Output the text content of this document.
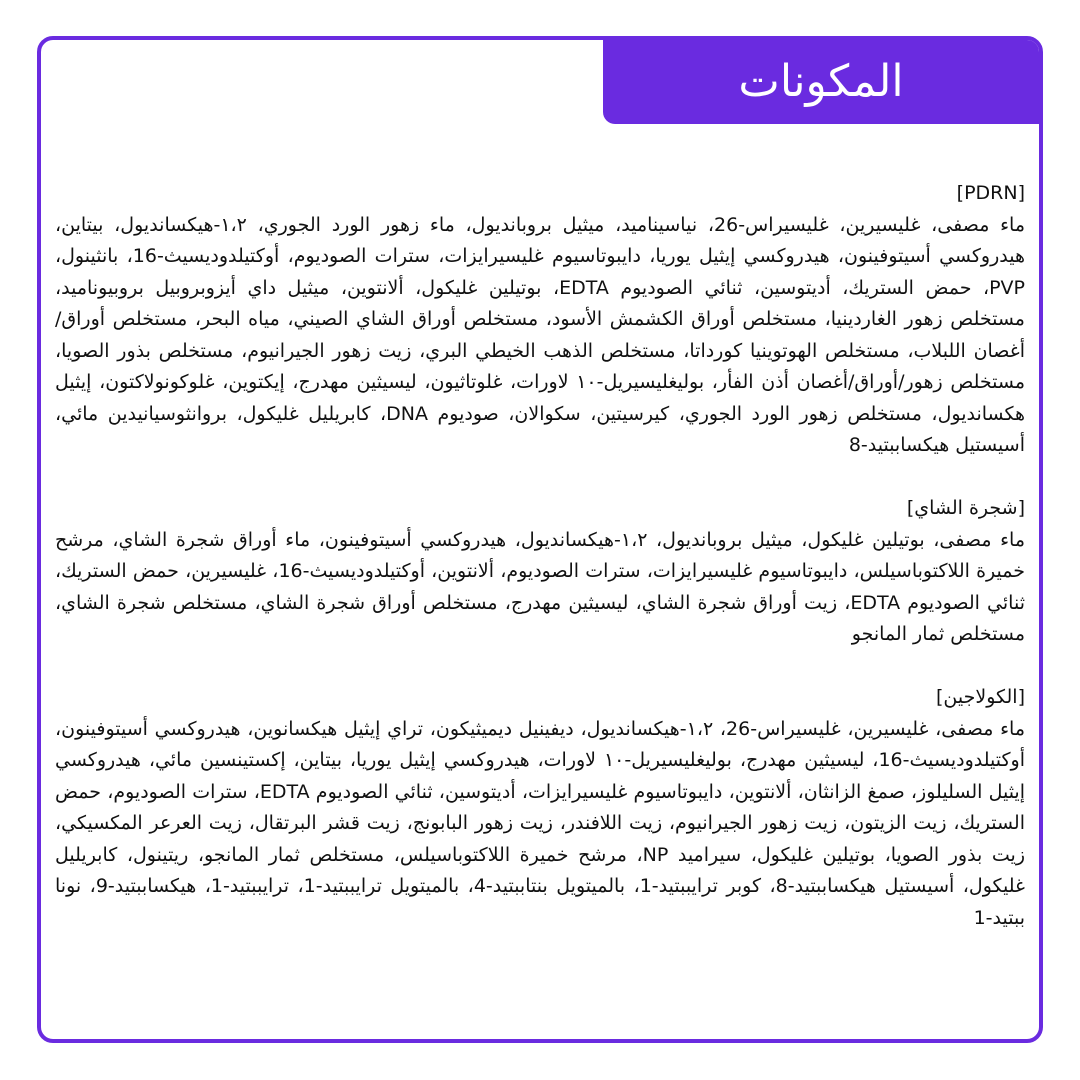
المكونات
[PDRN]
ماء مصفى، غليسيرين، غليسيراس-26، نياسيناميد، ميثيل بروبانديول، ماء زهور الورد الجوري، ١،٢-هيكسانديول، بيتاين، هيدروكسي أسيتوفينون، هيدروكسي إيثيل يوريا، دايبوتاسيوم غليسيرايزات، سترات الصوديوم، أوكتيلدوديسيث-16، بانثينول، PVP، حمض الستريك، أديتوسين، ثنائي الصوديوم EDTA، بوتيلين غليكول، ألانتوين، ميثيل داي أيزوبروبيل بروبيوناميد، مستخلص زهور الغاردينيا، مستخلص أوراق الكشمش الأسود، مستخلص أوراق الشاي الصيني، مياه البحر، مستخلص أوراق/أغصان اللبلاب، مستخلص الهوتوينيا كورداتا، مستخلص الذهب الخيطي البري، زيت زهور الجيرانيوم، مستخلص بذور الصويا، مستخلص زهور/أوراق/أغصان أذن الفأر، بوليغليسيريل-١٠ لاورات، غلوتاثيون، ليسيثين مهدرج، إيكتوين، غلوكونولاكتون، إيثيل هكسانديول، مستخلص زهور الورد الجوري، كيرسيتين، سكوالان، صوديوم DNA، كابريليل غليكول، بروانثوسيانيدين مائي، أسيستيل هيكساببتيد-8
[شجرة الشاي]
ماء مصفى، بوتيلين غليكول، ميثيل بروبانديول، ١،٢-هيكسانديول، هيدروكسي أسيتوفينون، ماء أوراق شجرة الشاي، مرشح خميرة اللاكتوباسيلس، دايبوتاسيوم غليسيرايزات، سترات الصوديوم، ألانتوين، أوكتيلدوديسيث-16، غليسيرين، حمض الستريك، ثنائي الصوديوم EDTA، زيت أوراق شجرة الشاي، ليسيثين مهدرج، مستخلص أوراق شجرة الشاي، مستخلص شجرة الشاي، مستخلص ثمار المانجو
[الكولاجين]
ماء مصفى، غليسيرين، غليسيراس-26، ١،٢-هيكسانديول، ديفينيل ديميثيكون، تراي إيثيل هيكسانوين، هيدروكسي أسيتوفينون، أوكتيلدوديسيث-16، ليسيثين مهدرج، بوليغليسيريل-١٠ لاورات، هيدروكسي إيثيل يوريا، بيتاين، إكستينسين مائي، هيدروكسي إيثيل السليلوز، صمغ الزانثان، ألانتوين، دايبوتاسيوم غليسيرايزات، أديتوسين، ثنائي الصوديوم EDTA، سترات الصوديوم، حمض الستريك، زيت الزيتون، زيت زهور الجيرانيوم، زيت اللافندر، زيت زهور البابونج، زيت قشر البرتقال، زيت العرعر المكسيكي، زيت بذور الصويا، بوتيلين غليكول، سيراميد NP، مرشح خميرة اللاكتوباسيلس، مستخلص ثمار المانجو، ريتينول، كابريليل غليكول، أسيستيل هيكساببتيد-8، كوبر ترايببتيد-1، بالميتويل بنتاببتيد-4، بالميتويل ترايببتيد-1، ترايببتيد-1، هيكساببتيد-9، نونا ببتيد-1
